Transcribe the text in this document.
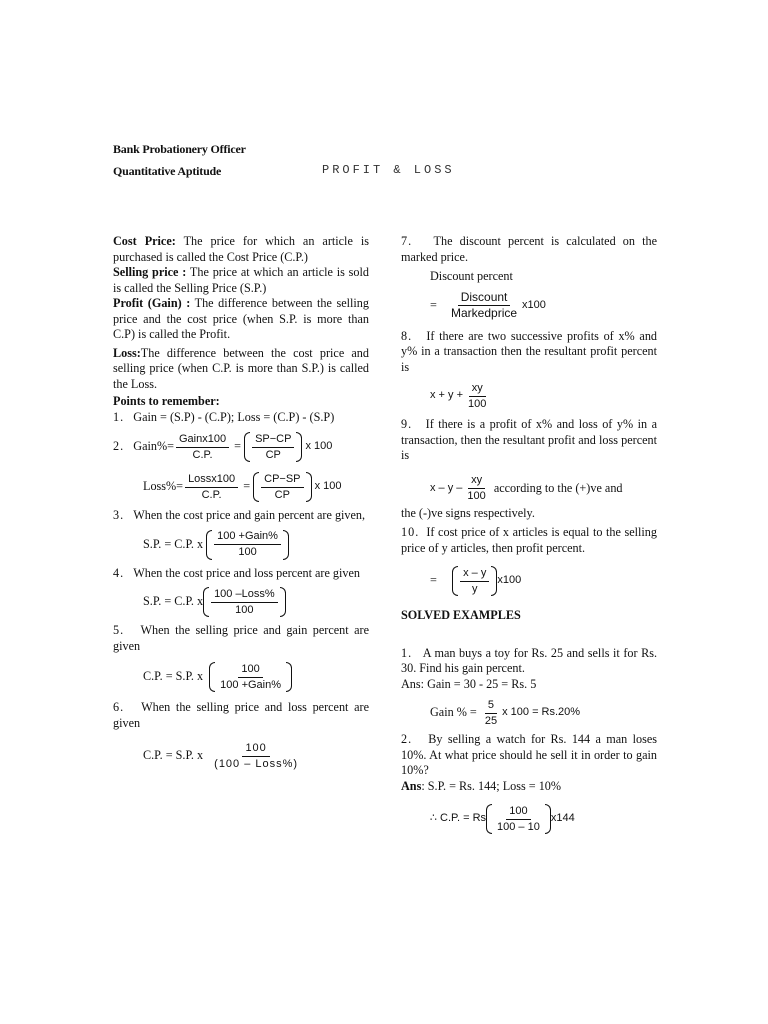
Bank Probationery Officer
Quantitative Aptitude	PROFIT & LOSS

Cost Price: The price for which an article is purchased is called the Cost Price (C.P.)

Selling price : The price at which an article is sold is called the Selling Price (S.P.)

Profit (Gain) : The difference between the selling price and the cost price (when S.P. is more than C.P) is called the Profit.

Loss:The difference between the cost price and selling price (when C.P. is more than S.P.) is called the Loss.

Points to remember:

1. Gain = (S.P) - (C.P); Loss = (C.P) - (S.P)

2.
Gain%= $\frac{\text{Gainx100}}{C.P.}$
=
$\frac{SP-CP}{CP}$
x 100
Loss%= $\frac{\text{Lossx100}}{C.P.}$
=
$\frac{CP-SP}{CP}$
x 100

3. When the cost price and gain percent are given,

S.P. = C.P. x
$\frac{\text{100 +Gain\%}}{100}$

4. When the cost price and loss percent are given

S.P. = C.P. x $\frac{\text{100 –Loss\%}}{100}$

5. When the selling price and gain percent are given

C.P. = S.P. x
$\frac{100}{\text{100 +Gain\%}}$

6. When the selling price and loss percent are given

C.P. = S.P. x
$\frac{100}{\text{(100 – Loss\%)}}$

7. The discount percent is calculated on the marked price.

Discount percent

=
$\frac{\text{Discount}}{\text{Markedprice}} x100$

8. If there are two successive profits of x% and y% in a transaction then the resultant profit percent is

$x + y + \frac{xy}{100}$

9. If there is a profit of x% and loss of y% in a transaction, then the resultant profit and loss percent is

x – y – $\frac{xy}{100}$
according to the (+)ve and

the (-)ve signs respectively.

10. If cost price of x articles is equal to the selling price of y articles, then profit percent.

=
$\frac{x - y}{y} x100$

SOLVED EXAMPLES

1. A man buys a toy for Rs. 25 and sells it for Rs. 30. Find his gain percent.

Ans: Gain = 30 - 25 = Rs. 5

Gain % =
$\frac{5}{25}$ x 100 = Rs.20%

2. By selling a watch for Rs. 144 a man loses 10%. At what price should he sell it in order to gain 10%?

Ans: S.P. = Rs. 144; Loss = 10%

∴ C.P. = Rs $\frac{100}{100 - 10} x144$
